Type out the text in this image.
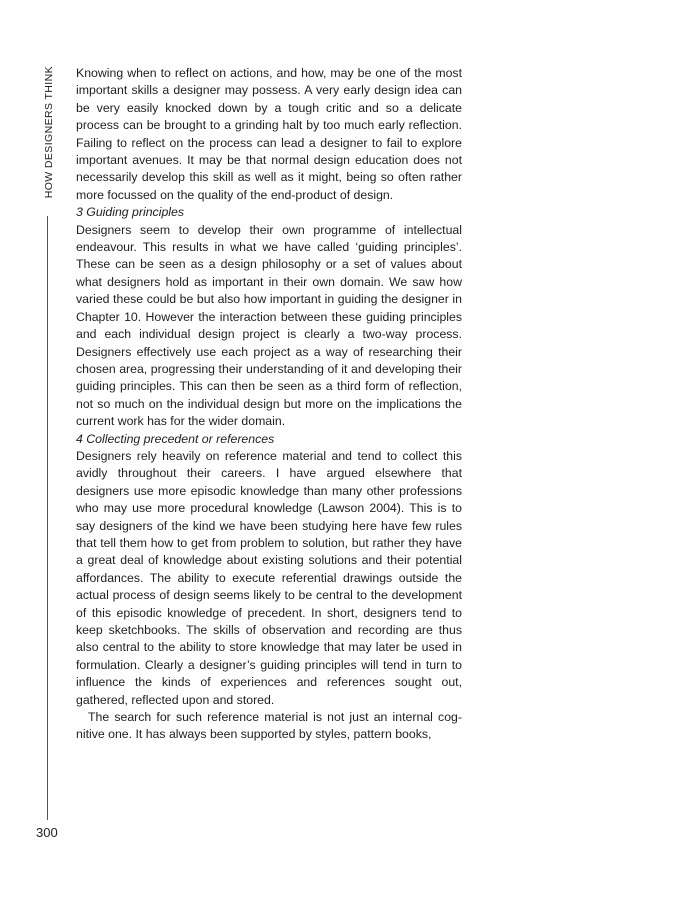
HOW DESIGNERS THINK
300

Knowing when to reflect on actions, and how, may be one of the most important skills a designer may possess. A very early design idea can be very easily knocked down by a tough critic and so a delicate process can be brought to a grinding halt by too much early reflection. Failing to reflect on the process can lead a designer to fail to explore important avenues. It may be that normal design education does not necessarily develop this skill as well as it might, being so often rather more focussed on the quality of the end-product of design.

3 Guiding principles

Designers seem to develop their own programme of intellectual endeavour. This results in what we have called ‘guiding principles’. These can be seen as a design philosophy or a set of values about what designers hold as important in their own domain. We saw how varied these could be but also how important in guiding the designer in Chapter 10. However the interaction between these guiding principles and each individual design project is clearly a two-way process. Designers effectively use each project as a way of researching their chosen area, progressing their understanding of it and developing their guiding principles. This can then be seen as a third form of reflection, not so much on the individual design but more on the implications the current work has for the wider domain.

4 Collecting precedent or references

Designers rely heavily on reference material and tend to collect this avidly throughout their careers. I have argued elsewhere that designers use more episodic knowledge than many other professions who may use more procedural knowledge (Lawson 2004). This is to say designers of the kind we have been studying here have few rules that tell them how to get from problem to solution, but rather they have a great deal of knowledge about existing solutions and their potential affordances. The ability to execute referential drawings outside the actual process of design seems likely to be central to the development of this episodic knowledge of precedent. In short, designers tend to keep sketchbooks. The skills of observation and recording are thus also central to the ability to store knowledge that may later be used in formulation. Clearly a designer’s guiding principles will tend in turn to influence the kinds of experiences and references sought out, gathered, reflected upon and stored.

The search for such reference material is not just an internal cognitive one. It has always been supported by styles, pattern books,
